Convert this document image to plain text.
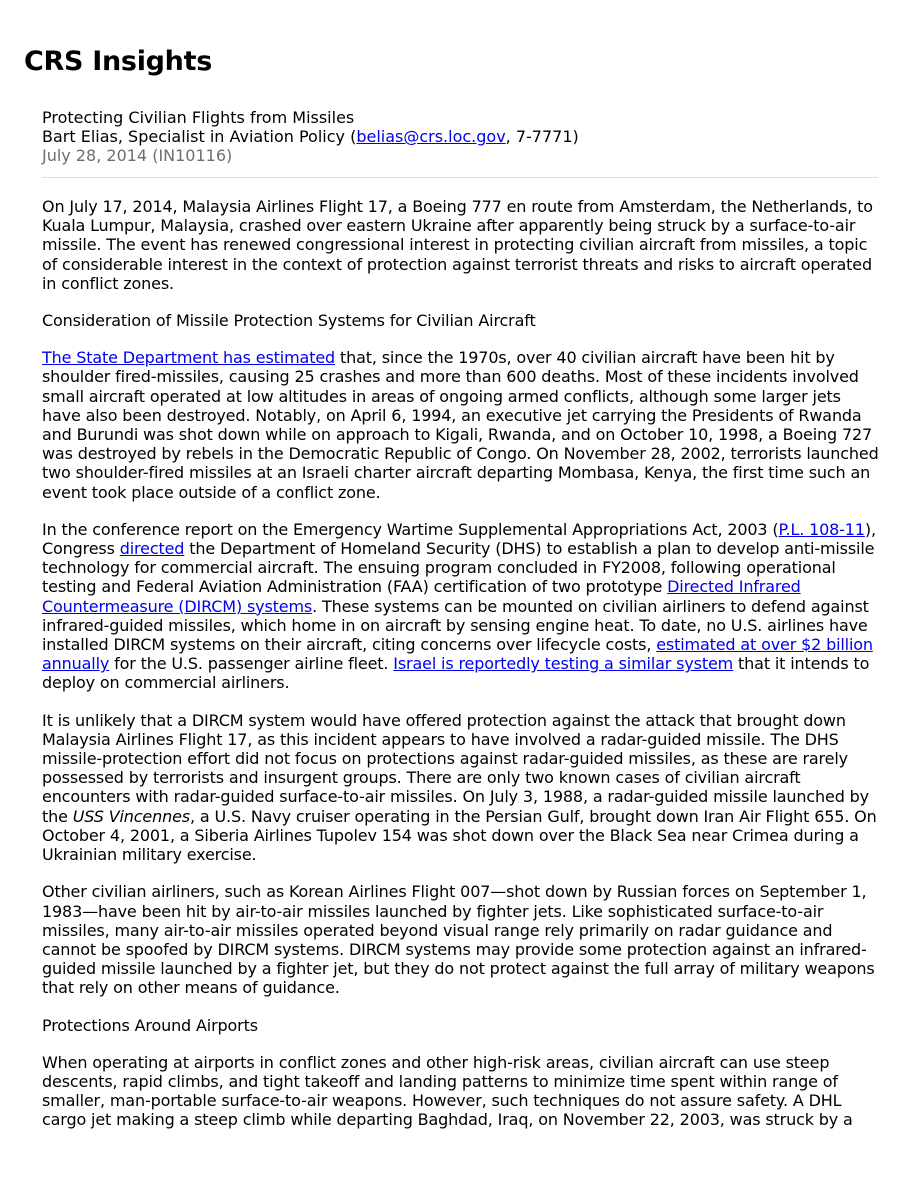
CRS Insights
Protecting Civilian Flights from Missiles
Bart Elias, Specialist in Aviation Policy (belias@crs.loc.gov, 7-7771)
July 28, 2014 (IN10116)

On July 17, 2014, Malaysia Airlines Flight 17, a Boeing 777 en route from Amsterdam, the Netherlands, to Kuala Lumpur, Malaysia, crashed over eastern Ukraine after apparently being struck by a surface-to-air missile. The event has renewed congressional interest in protecting civilian aircraft from missiles, a topic of considerable interest in the context of protection against terrorist threats and risks to aircraft operated in conflict zones.

Consideration of Missile Protection Systems for Civilian Aircraft

The State Department has estimated that, since the 1970s, over 40 civilian aircraft have been hit by shoulder fired-missiles, causing 25 crashes and more than 600 deaths. Most of these incidents involved small aircraft operated at low altitudes in areas of ongoing armed conflicts, although some larger jets have also been destroyed. Notably, on April 6, 1994, an executive jet carrying the Presidents of Rwanda and Burundi was shot down while on approach to Kigali, Rwanda, and on October 10, 1998, a Boeing 727 was destroyed by rebels in the Democratic Republic of Congo. On November 28, 2002, terrorists launched two shoulder-fired missiles at an Israeli charter aircraft departing Mombasa, Kenya, the first time such an event took place outside of a conflict zone.

In the conference report on the Emergency Wartime Supplemental Appropriations Act, 2003 (P.L. 108-11), Congress directed the Department of Homeland Security (DHS) to establish a plan to develop anti-missile technology for commercial aircraft. The ensuing program concluded in FY2008, following operational testing and Federal Aviation Administration (FAA) certification of two prototype Directed Infrared Countermeasure (DIRCM) systems. These systems can be mounted on civilian airliners to defend against infrared-guided missiles, which home in on aircraft by sensing engine heat. To date, no U.S. airlines have installed DIRCM systems on their aircraft, citing concerns over lifecycle costs, estimated at over $2 billion annually for the U.S. passenger airline fleet. Israel is reportedly testing a similar system that it intends to deploy on commercial airliners.

It is unlikely that a DIRCM system would have offered protection against the attack that brought down Malaysia Airlines Flight 17, as this incident appears to have involved a radar-guided missile. The DHS missile-protection effort did not focus on protections against radar-guided missiles, as these are rarely possessed by terrorists and insurgent groups. There are only two known cases of civilian aircraft encounters with radar-guided surface-to-air missiles. On July 3, 1988, a radar-guided missile launched by the USS Vincennes, a U.S. Navy cruiser operating in the Persian Gulf, brought down Iran Air Flight 655. On October 4, 2001, a Siberia Airlines Tupolev 154 was shot down over the Black Sea near Crimea during a Ukrainian military exercise.

Other civilian airliners, such as Korean Airlines Flight 007—shot down by Russian forces on September 1, 1983—have been hit by air-to-air missiles launched by fighter jets. Like sophisticated surface-to-air missiles, many air-to-air missiles operated beyond visual range rely primarily on radar guidance and cannot be spoofed by DIRCM systems. DIRCM systems may provide some protection against an infrared-guided missile launched by a fighter jet, but they do not protect against the full array of military weapons that rely on other means of guidance.

Protections Around Airports

When operating at airports in conflict zones and other high-risk areas, civilian aircraft can use steep descents, rapid climbs, and tight takeoff and landing patterns to minimize time spent within range of smaller, man-portable surface-to-air weapons. However, such techniques do not assure safety. A DHL cargo jet making a steep climb while departing Baghdad, Iraq, on November 22, 2003, was struck by a
